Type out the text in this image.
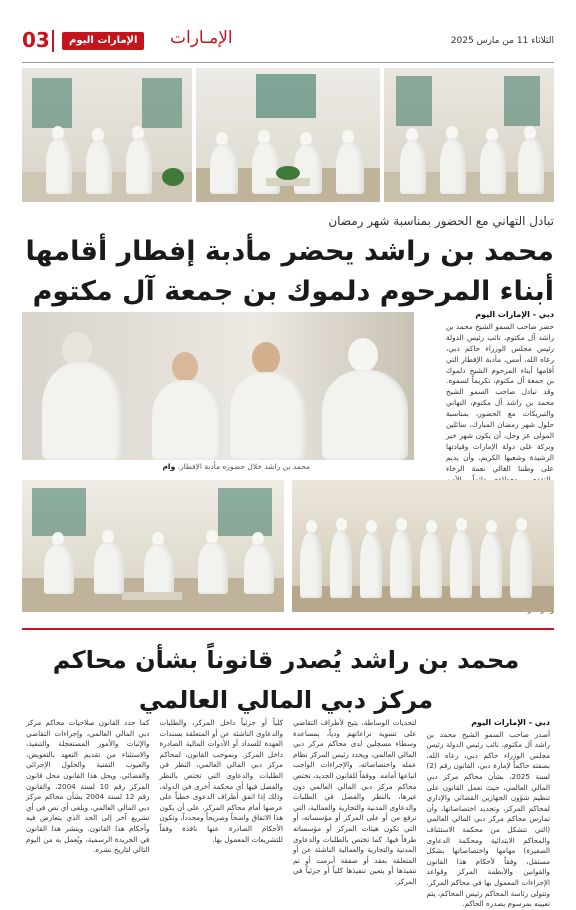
03	الإمارات اليوم	الإمـارات	الثلاثاء 11 من مارس 2025
تبادل التهاني مع الحضور بمناسبة شهر رمضان
محمد بن راشد يحضر مأدبة إفطار أقامها أبناء المرحوم دلموك بن جمعة آل مكتوم
محمد بن راشد خلال حضوره مأدبة الإفطار. وام
دبي - الإمارات اليوم
حضر صاحب السمو الشيخ محمد بن راشد آل مكتوم، نائب رئيس الدولة رئيس مجلس الوزراء حاكم دبي، رعاه الله، أمس، مأدبة الإفطار التي أقامها أبناء المرحوم الشيخ دلموك بن جمعة آل مكتوم، تكريماً لسموه. وقد تبادل صاحب السمو الشيخ محمد بن راشد آل مكتوم، التهاني والتبريكات مع الحضور، بمناسبة حلول شهر رمضان المبارك، سائلين المولى عز وجل، أن يكون شهر خير وبركة على دولة الإمارات وقيادتها الرشيدة وشعبها الكريم، وأن يديم على وطننا الغالي نعمة الرخاء
محمد بن راشد يُصدر قانوناً بشأن محاكم مركز دبي المالي العالمي
دبي - الإمارات اليوم
أصدر صاحب السمو الشيخ محمد بن راشد آل مكتوم، نائب رئيس الدولة رئيس مجلس الوزراء حاكم دبي، رعاه الله، بصفته حاكماً لإمارة دبي، القانون رقم (2) لسنة 2025، بشأن محاكم مركز دبي المالي العالمي، حيث تعمل القانون على تنظيم شؤون الجهازين القضائي والإداري لمحاكم المركز، وتحديد اختصاصاتها، وأن تمارس محاكم مركز دبي المالي العالمي (التي تتشكل من محكمة الاستئناف والمحاكم الابتدائية ومحكمة الدعاوى الصغيرة) مهامها واختصاصاتها بشكل مستقل، وفقاً لأحكام هذا القانون والقوانين والأنظمة المركز وقواعد الإجراءات المعمول بها في محاكم المركز. وتتولى رئاسة المحاكم رئيس المحاكم، يتم تعيينه بمرسوم يصدره الحاكم.
لتحديات الوساطة، يتيح لأطراف التقاضي على تسوية نزاعاتهم ودياً، بمساعدة وسطاء مسجلين لدى محاكم مركز دبي المالي العالمي، ويحدد رئيس المركز نظام عمله واختصاصاته، والإجراءات الواجب اتباعها أمامه. ووفقاً للقانون الجديد، تختص محاكم مركز دبي المالي العالمي دون غيرها، بالنظر والفصل في الطلبات والدعاوى المدنية والتجارية والعمالية، التي ترفع من أو على المركز أو مؤسساته، أو التي تكون هيئات المركز أو مؤسساته طرفاً فيها. كما تختص بالطلبات والدعاوى المدنية والتجارية والعمالية الناشئة عن أو المتعلقة بعقد أو صفقة أبرمت أو تم تنفيذها أو يتعين تنفيذها كلياً أو جزئياً في المركز.
كلياً أو جزئياً داخل المركز، والطلبات والدعاوى الناشئة عن أو المتعلقة بسندات العهدة للسداد أو الأدوات المالية الصادرة داخل المركز. وبموجب القانون، لمحاكم مركز دبي المالي العالمي، النظر في الطلبات والدعاوى التي تختص بالنظر والفصل فيها أي محكمة أخرى في الدولة، وذلك إذا اتفق أطراف الدعوى خطياً على عرضها أمام محاكم المركز، على أن يكون هذا الاتفاق واضحاً وصريحاً ومحدداً، وتكون الأحكام الصادرة عنها نافذة وفقاً للتشريعات المعمول بها.
كما حدد القانون صلاحيات محاكم مركز دبي المالي العالمي، وإجراءات التقاضي والإثبات والأمور المستعجلة والتنفيذ، والاستثناء من تقديم التعهد بالتعويض، والعيوب التقنية والحلول الإجرائي والقضائي. ويحل هذا القانون محل قانون المركز رقم 10 لسنة 2004، والقانون رقم 12 لسنة 2004 بشأن محاكم مركز دبي المالي العالمي، ويلغى أي نص في أي تشريع آخر إلى الحد الذي يتعارض فيه وأحكام هذا القانون. وينشر هذا القانون في الجريدة الرسمية، ويُعمل به من اليوم التالي لتاريخ نشره.
